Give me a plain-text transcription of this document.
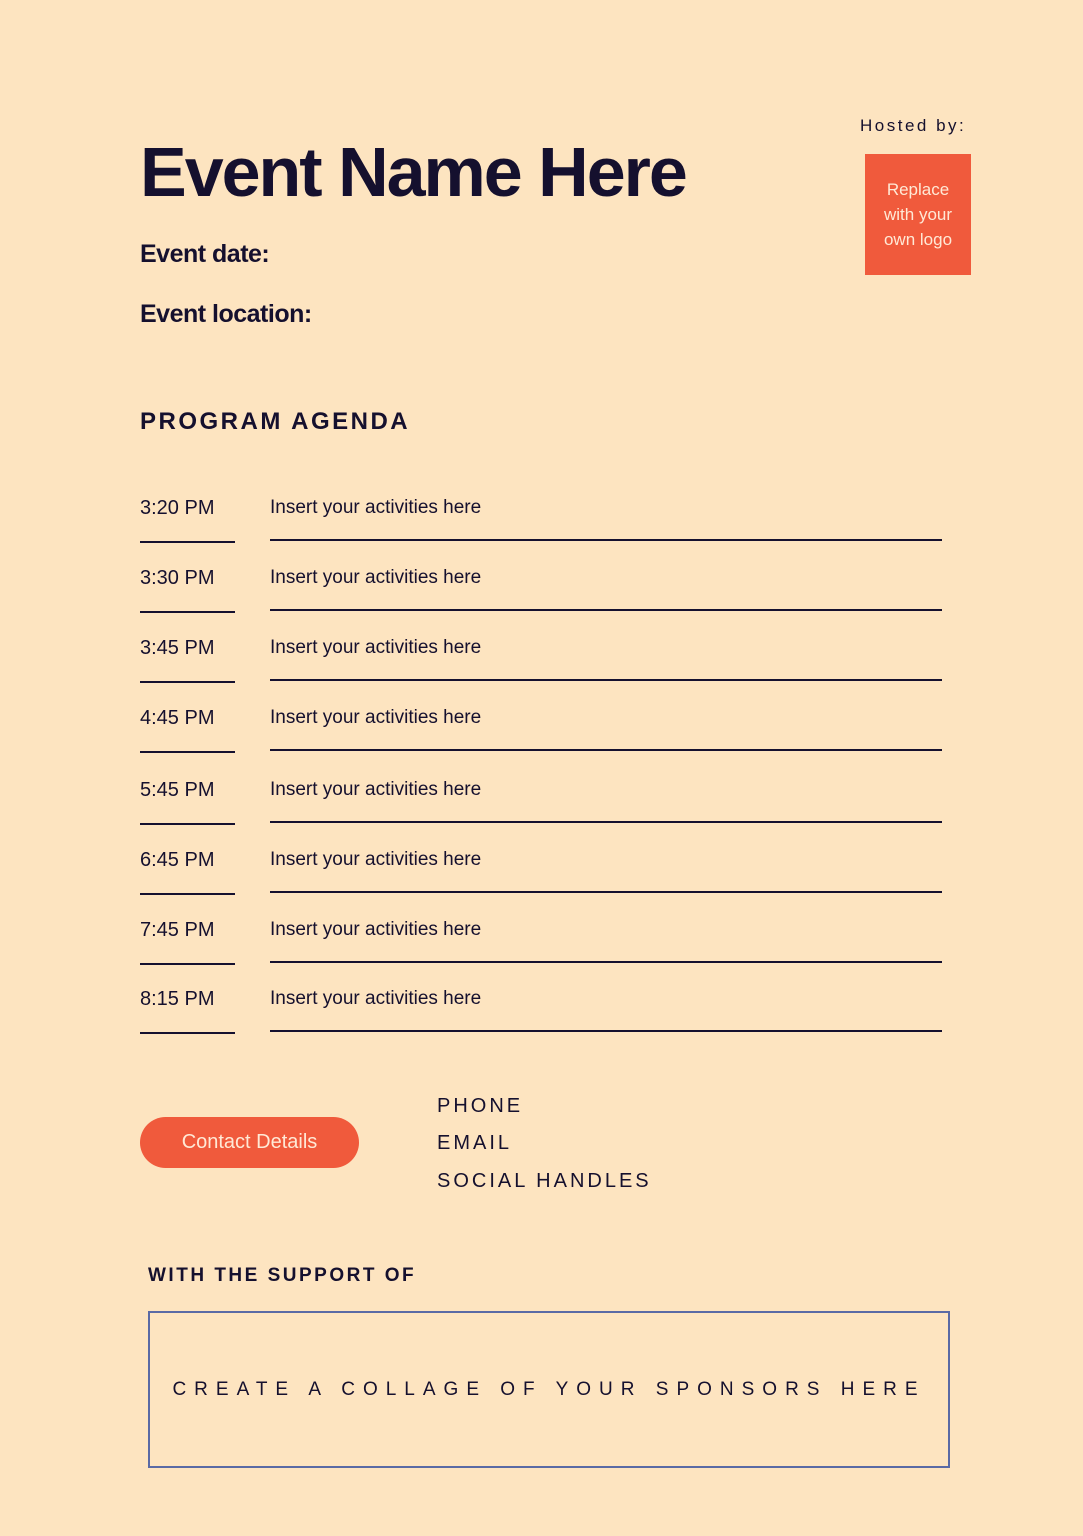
Event Name Here
Event date:
Event location:
Hosted by:
Replace with your own logo
PROGRAM AGENDA
3:20 PM	Insert your activities here
3:30 PM	Insert your activities here
3:45 PM	Insert your activities here
4:45 PM	Insert your activities here
5:45 PM	Insert your activities here
6:45 PM	Insert your activities here
7:45 PM	Insert your activities here
8:15 PM	Insert your activities here
Contact Details
PHONE
EMAIL
SOCIAL HANDLES
WITH THE SUPPORT OF
CREATE A COLLAGE OF YOUR SPONSORS HERE
